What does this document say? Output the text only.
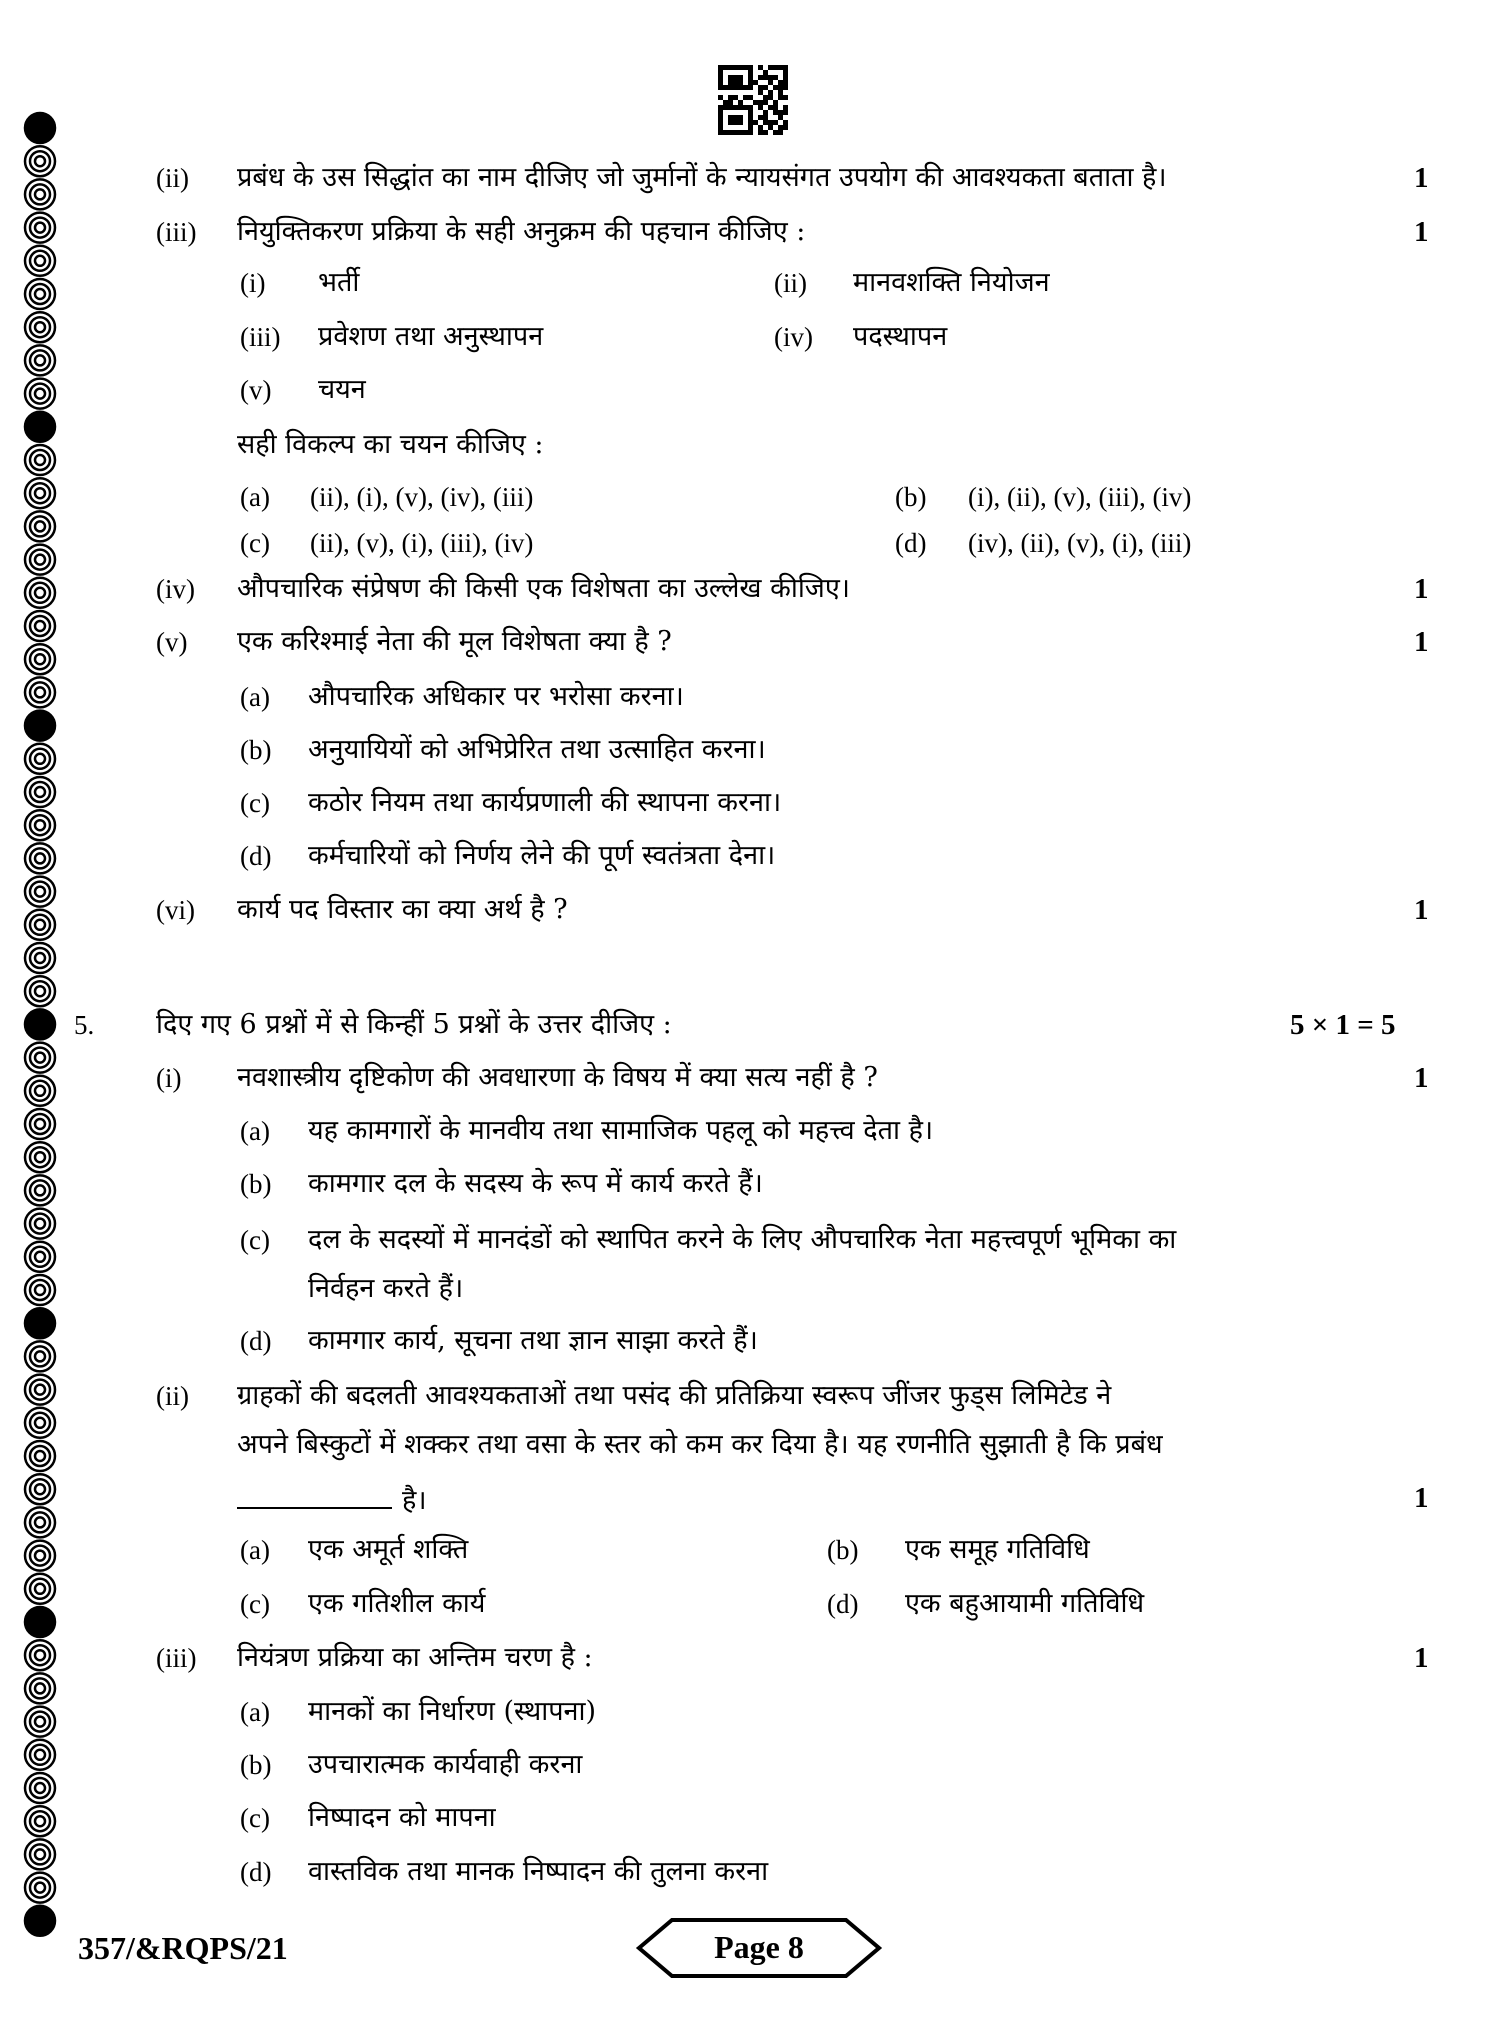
(ii) प्रबंध के उस सिद्धांत का नाम दीजिए जो जुर्मानों के न्यायसंगत उपयोग की आवश्यकता बताता है।	1
(iii) नियुक्तिकरण प्रक्रिया के सही अनुक्रम की पहचान कीजिए :	1
(i) भर्ती	(ii) मानवशक्ति नियोजन
(iii) प्रवेशण तथा अनुस्थापन	(iv) पदस्थापन
(v) चयन
सही विकल्प का चयन कीजिए :
(a) (ii), (i), (v), (iv), (iii)	(b) (i), (ii), (v), (iii), (iv)
(c) (ii), (v), (i), (iii), (iv)	(d) (iv), (ii), (v), (i), (iii)
(iv) औपचारिक संप्रेषण की किसी एक विशेषता का उल्लेख कीजिए।	1
(v) एक करिश्माई नेता की मूल विशेषता क्या है ?	1
(a) औपचारिक अधिकार पर भरोसा करना।
(b) अनुयायियों को अभिप्रेरित तथा उत्साहित करना।
(c) कठोर नियम तथा कार्यप्रणाली की स्थापना करना।
(d) कर्मचारियों को निर्णय लेने की पूर्ण स्वतंत्रता देना।
(vi) कार्य पद विस्तार का क्या अर्थ है ?	1
5. दिए गए 6 प्रश्नों में से किन्हीं 5 प्रश्नों के उत्तर दीजिए :	5 × 1 = 5
(i) नवशास्त्रीय दृष्टिकोण की अवधारणा के विषय में क्या सत्य नहीं है ?	1
(a) यह कामगारों के मानवीय तथा सामाजिक पहलू को महत्त्व देता है।
(b) कामगार दल के सदस्य के रूप में कार्य करते हैं।
(c) दल के सदस्यों में मानदंडों को स्थापित करने के लिए औपचारिक नेता महत्त्वपूर्ण भूमिका का
निर्वहन करते हैं।
(d) कामगार कार्य, सूचना तथा ज्ञान साझा करते हैं।
(ii) ग्राहकों की बदलती आवश्यकताओं तथा पसंद की प्रतिक्रिया स्वरूप जींजर फुड्स लिमिटेड ने
अपने बिस्कुटों में शक्कर तथा वसा के स्तर को कम कर दिया है। यह रणनीति सुझाती है कि प्रबंध
है।	1
(a) एक अमूर्त शक्ति	(b) एक समूह गतिविधि
(c) एक गतिशील कार्य	(d) एक बहुआयामी गतिविधि
(iii) नियंत्रण प्रक्रिया का अन्तिम चरण है :	1
(a) मानकों का निर्धारण (स्थापना)
(b) उपचारात्मक कार्यवाही करना
(c) निष्पादन को मापना
(d) वास्तविक तथा मानक निष्पादन की तुलना करना
357/&RQPS/21	Page 8
